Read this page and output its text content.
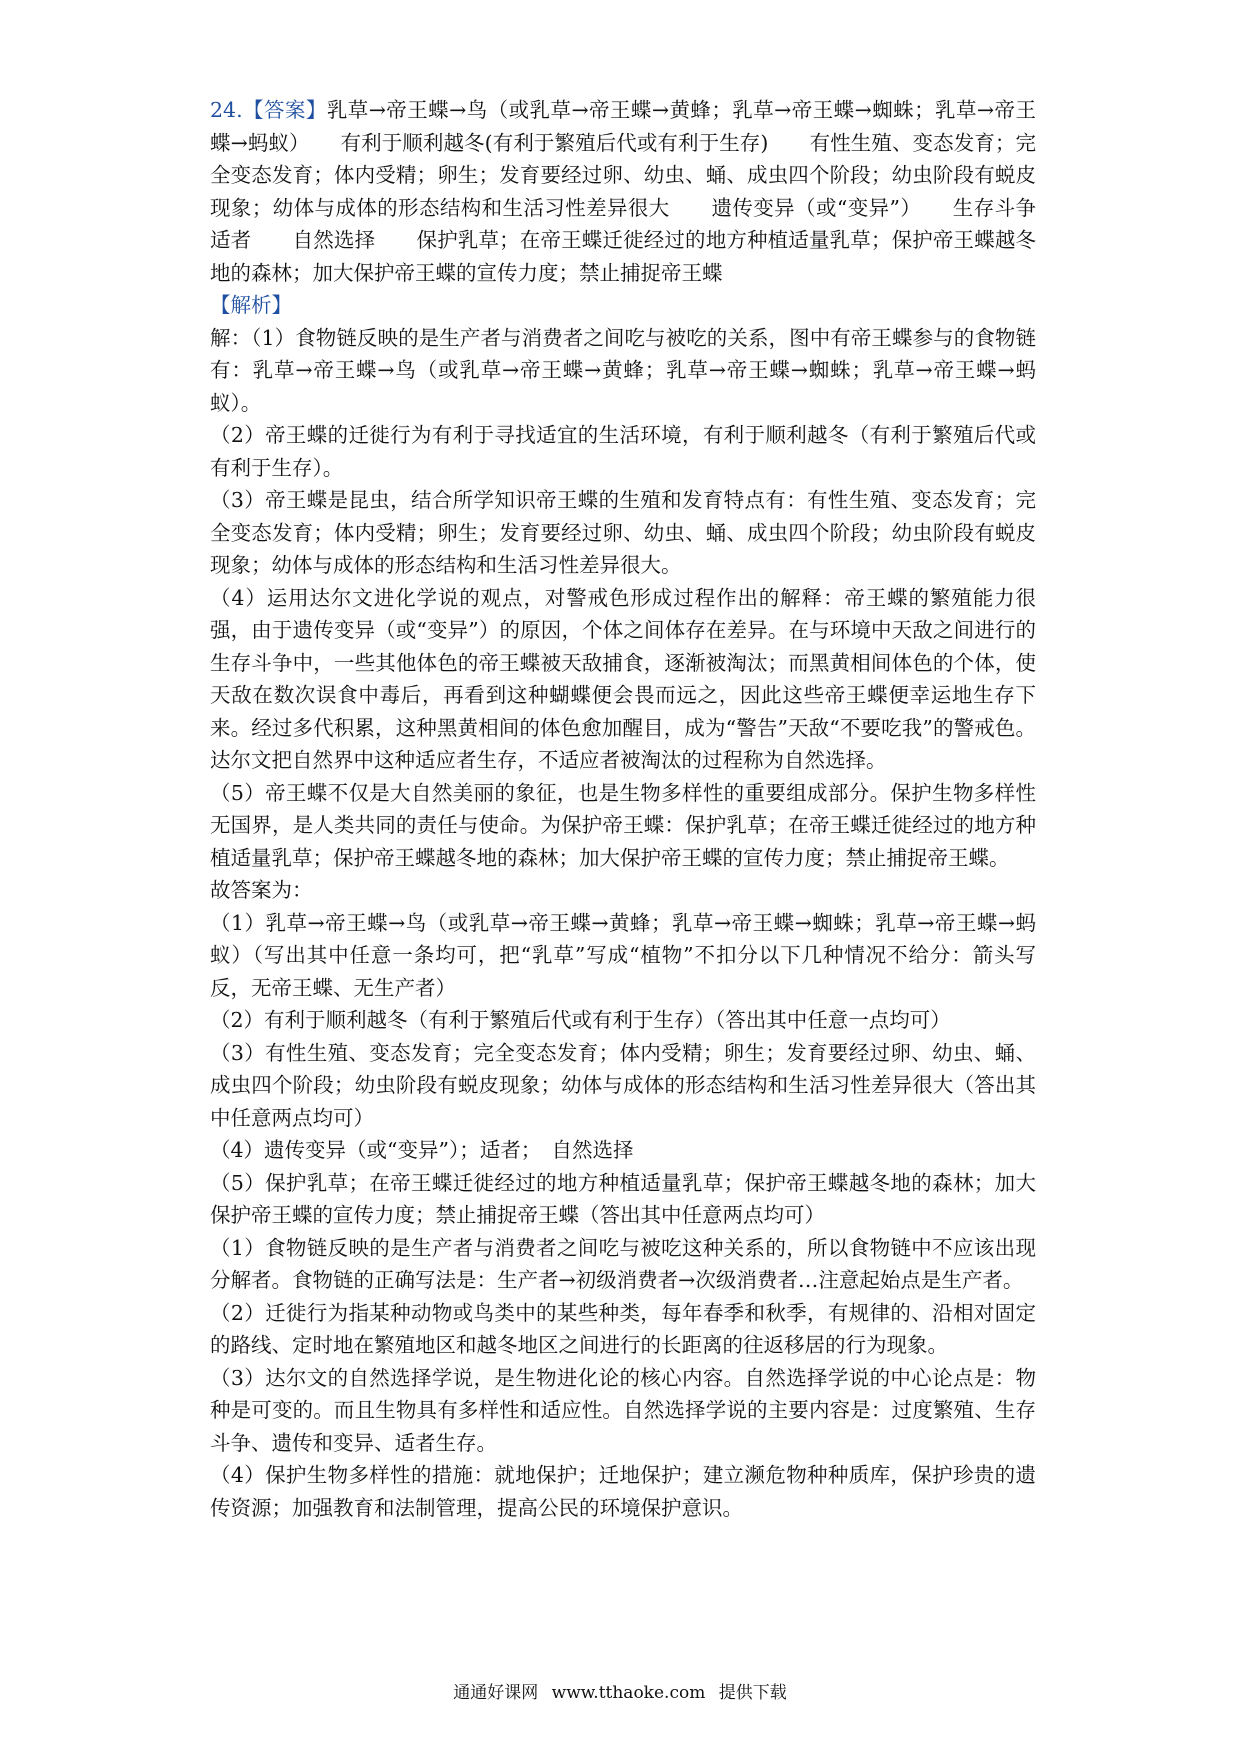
24.【答案】乳草→帝王蝶→鸟（或乳草→帝王蝶→黄蜂；乳草→帝王蝶→蜘蛛；乳草→帝王蝶→蚂蚁）　　有利于顺利越冬(有利于繁殖后代或有利于生存)　　有性生殖、变态发育；完全变态发育；体内受精；卵生；发育要经过卵、幼虫、蛹、成虫四个阶段；幼虫阶段有蜕皮现象；幼体与成体的形态结构和生活习性差异很大　　遗传变异（或“变异”）　　生存斗争　　适者　　自然选择　　保护乳草；在帝王蝶迁徙经过的地方种植适量乳草；保护帝王蝶越冬地的森林；加大保护帝王蝶的宣传力度；禁止捕捉帝王蝶

【解析】

解：（1）食物链反映的是生产者与消费者之间吃与被吃的关系，图中有帝王蝶参与的食物链有：乳草→帝王蝶→鸟（或乳草→帝王蝶→黄蜂；乳草→帝王蝶→蜘蛛；乳草→帝王蝶→蚂蚁）。

（2）帝王蝶的迁徙行为有利于寻找适宜的生活环境，有利于顺利越冬（有利于繁殖后代或有利于生存）。

（3）帝王蝶是昆虫，结合所学知识帝王蝶的生殖和发育特点有：有性生殖、变态发育；完全变态发育；体内受精；卵生；发育要经过卵、幼虫、蛹、成虫四个阶段；幼虫阶段有蜕皮现象；幼体与成体的形态结构和生活习性差异很大。

（4）运用达尔文进化学说的观点，对警戒色形成过程作出的解释：帝王蝶的繁殖能力很强，由于遗传变异（或“变异”）的原因，个体之间体存在差异。在与环境中天敌之间进行的生存斗争中，一些其他体色的帝王蝶被天敌捕食，逐渐被淘汰；而黑黄相间体色的个体，使天敌在数次误食中毒后，再看到这种蝴蝶便会畏而远之，因此这些帝王蝶便幸运地生存下来。经过多代积累，这种黑黄相间的体色愈加醒目，成为“警告”天敌“不要吃我”的警戒色。达尔文把自然界中这种适应者生存，不适应者被淘汰的过程称为自然选择。

（5）帝王蝶不仅是大自然美丽的象征，也是生物多样性的重要组成部分。保护生物多样性无国界，是人类共同的责任与使命。为保护帝王蝶：保护乳草；在帝王蝶迁徙经过的地方种植适量乳草；保护帝王蝶越冬地的森林；加大保护帝王蝶的宣传力度；禁止捕捉帝王蝶。

故答案为：

（1）乳草→帝王蝶→鸟（或乳草→帝王蝶→黄蜂；乳草→帝王蝶→蜘蛛；乳草→帝王蝶→蚂蚁）（写出其中任意一条均可，把“乳草”写成“植物”不扣分以下几种情况不给分：箭头写反，无帝王蝶、无生产者）

（2）有利于顺利越冬（有利于繁殖后代或有利于生存）（答出其中任意一点均可）

（3）有性生殖、变态发育；完全变态发育；体内受精；卵生；发育要经过卵、幼虫、蛹、成虫四个阶段；幼虫阶段有蜕皮现象；幼体与成体的形态结构和生活习性差异很大（答出其中任意两点均可）

（4）遗传变异（或“变异”）；适者；　自然选择

（5）保护乳草；在帝王蝶迁徙经过的地方种植适量乳草；保护帝王蝶越冬地的森林；加大保护帝王蝶的宣传力度；禁止捕捉帝王蝶（答出其中任意两点均可）

（1）食物链反映的是生产者与消费者之间吃与被吃这种关系的，所以食物链中不应该出现分解者。食物链的正确写法是：生产者→初级消费者→次级消费者…注意起始点是生产者。

（2）迁徙行为指某种动物或鸟类中的某些种类，每年春季和秋季，有规律的、沿相对固定的路线、定时地在繁殖地区和越冬地区之间进行的长距离的往返移居的行为现象。

（3）达尔文的自然选择学说，是生物进化论的核心内容。自然选择学说的中心论点是：物种是可变的。而且生物具有多样性和适应性。自然选择学说的主要内容是：过度繁殖、生存斗争、遗传和变异、适者生存。

（4）保护生物多样性的措施：就地保护；迁地保护；建立濒危物种种质库，保护珍贵的遗传资源；加强教育和法制管理，提高公民的环境保护意识。

通通好课网 www.tthaoke.com 提供下载
